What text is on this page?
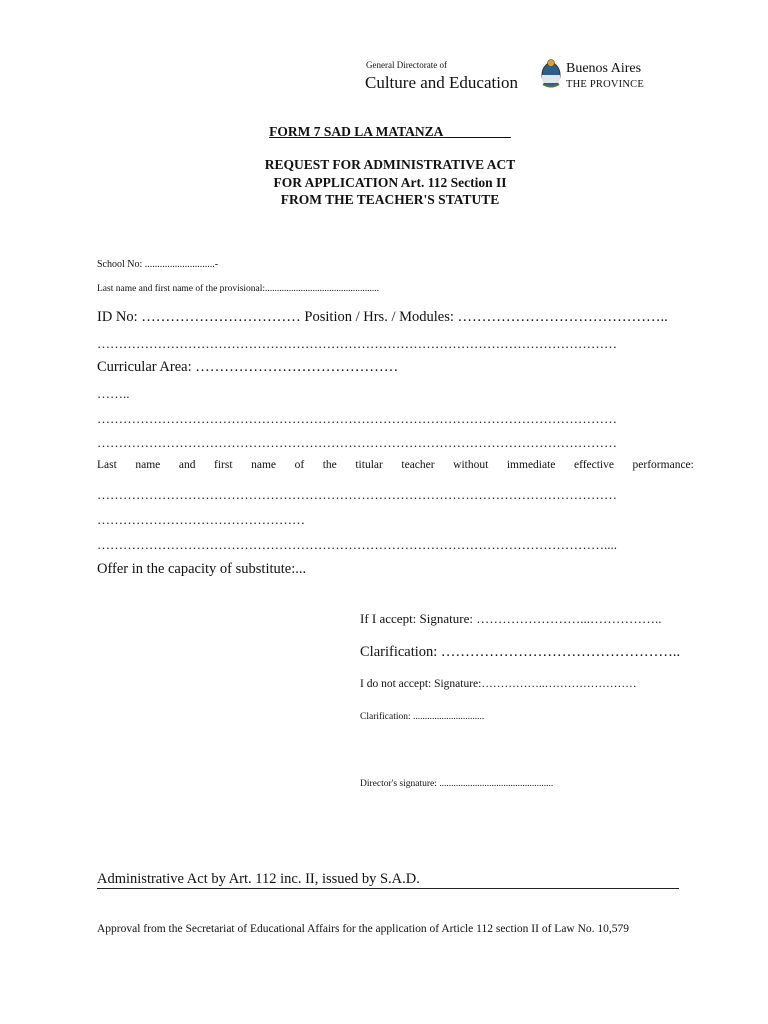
General Directorate of
Culture and Education
Buenos Aires
THE PROVINCE
FORM 7 SAD LA MATANZA
REQUEST FOR ADMINISTRATIVE ACT
FOR APPLICATION Art. 112 Section II
FROM THE TEACHER'S STATUTE
School No: ............................-
Last name and first name of the provisional:................................................
ID No: …………………………… Position / Hrs. / Modules: ……………………………………..
…………………………………………………………………………………………………………
Curricular Area: ……………………………………
……..
…………………………………………………………………………………………………………
…………………………………………………………………………………………………………
Last name and first name of the titular teacher without immediate effective performance:
…………………………………………………………………………………………………………
…………………………………………
………………………………………………………………………………………………………....
Offer in the capacity of substitute:...
If I accept: Signature: ……………………...……………..
Clarification: …………………………………………..
I do not accept: Signature:……………..……………………
Clarification: ..............................
Director's signature: ................................................
Administrative Act by Art. 112 inc. II, issued by S.A.D.
Approval from the Secretariat of Educational Affairs for the application of Article 112 section II of Law No. 10,579
